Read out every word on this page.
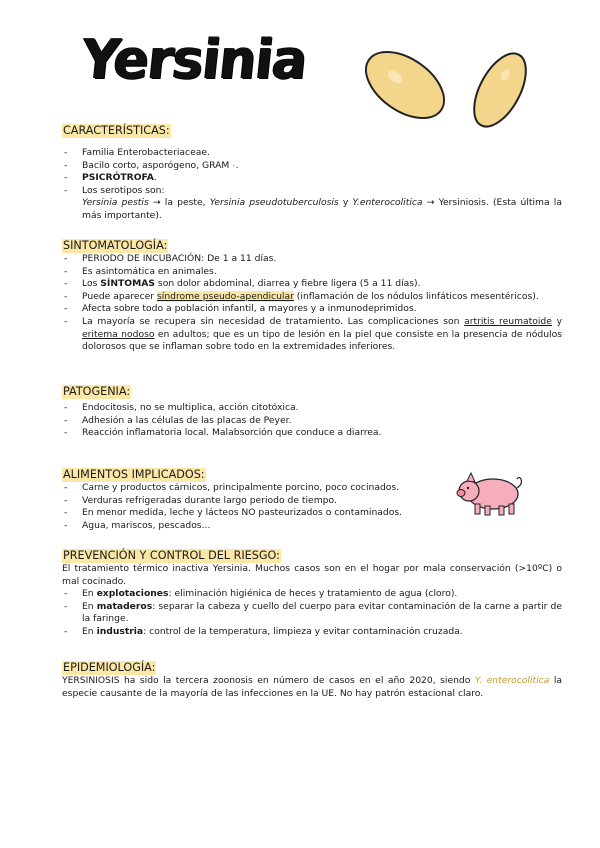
Yersinia
CARACTERÍSTICAS:
- Familia Enterobacteriaceae.
- Bacilo corto, asporógeno, GRAM -.
- PSICRÓTROFA.
- Los serotipos son:
Yersinia pestis → la peste, Yersinia pseudotuberculosis y Y.enterocolitica → Yersiniosis. (Esta última la más importante).
SINTOMATOLOGÍA:
- PERIODO DE INCUBACIÓN: De 1 a 11 días.
- Es asintomática en animales.
- Los SÍNTOMAS son dolor abdominal, diarrea y fiebre ligera (5 a 11 días).
- Puede aparecer síndrome pseudo-apendicular (inflamación de los nódulos linfáticos mesentéricos).
- Afecta sobre todo a población infantil, a mayores y a inmunodeprimidos.
- La mayoría se recupera sin necesidad de tratamiento. Las complicaciones son artritis reumatoide y eritema nodoso en adultos; que es un tipo de lesión en la piel que consiste en la presencia de nódulos dolorosos que se inflaman sobre todo en la extremidades inferiores.
PATOGENIA:
- Endocitosis, no se multiplica, acción citotóxica.
- Adhesión a las células de las placas de Peyer.
- Reacción inflamatoria local. Malabsorción que conduce a diarrea.
ALIMENTOS IMPLICADOS:
- Carne y productos cárnicos, principalmente porcino, poco cocinados.
- Verduras refrigeradas durante largo periodo de tiempo.
- En menor medida, leche y lácteos NO pasteurizados o contaminados.
- Agua, mariscos, pescados...
PREVENCIÓN Y CONTROL DEL RIESGO:
El tratamiento térmico inactiva Yersinia. Muchos casos son en el hogar por mala conservación (>10ºC) o mal cocinado.
- En explotaciones: eliminación higiénica de heces y tratamiento de agua (cloro).
- En mataderos: separar la cabeza y cuello del cuerpo para evitar contaminación de la carne a partir de la faringe.
- En industria: control de la temperatura, limpieza y evitar contaminación cruzada.
EPIDEMIOLOGÍA:
YERSINIOSIS ha sido la tercera zoonosis en número de casos en el año 2020, siendo Y. enterocolitica la especie causante de la mayoría de las infecciones en la UE. No hay patrón estacional claro.
